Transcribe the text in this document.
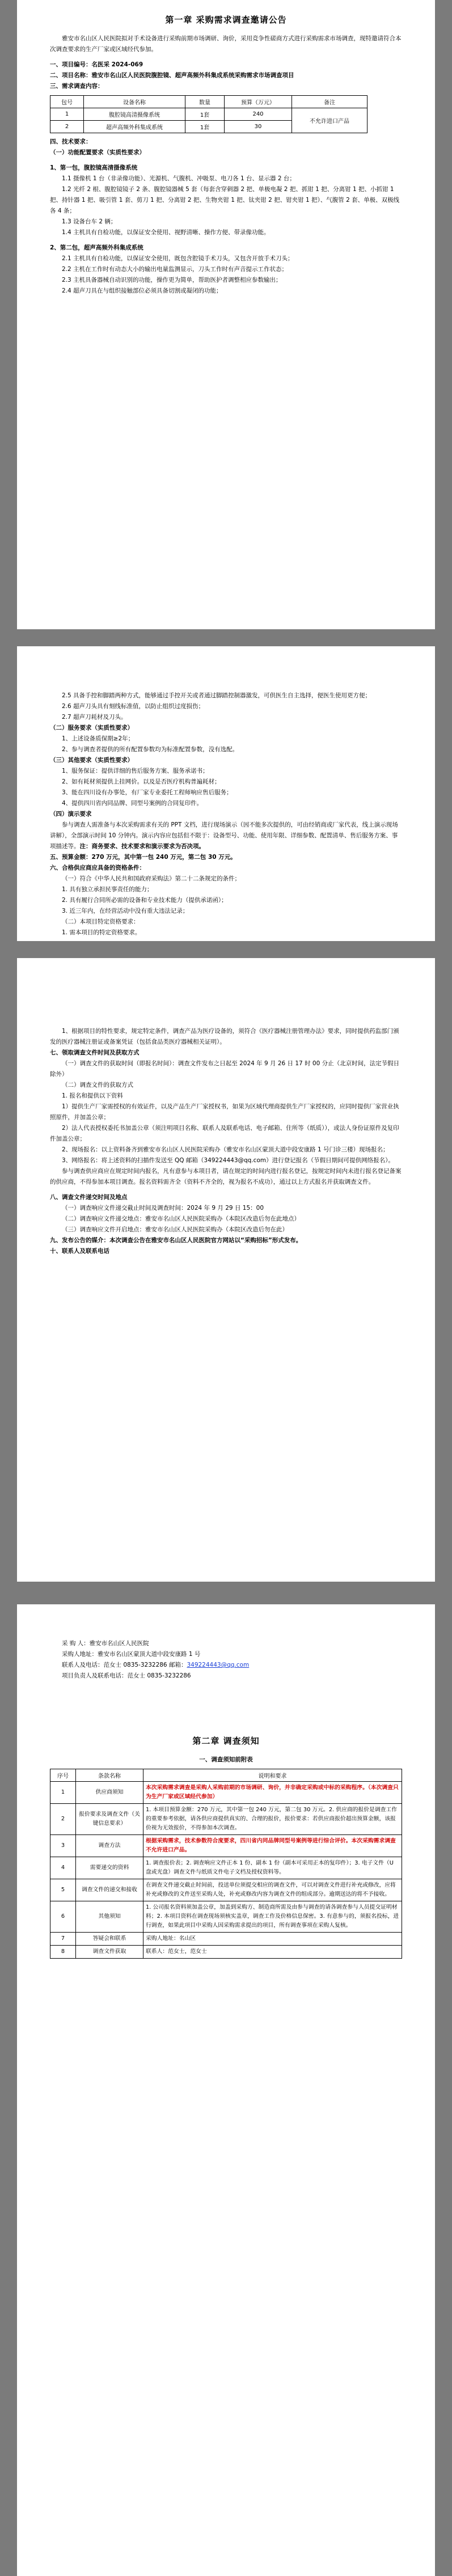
第一章 采购需求调查邀请公告

雅安市名山区人民医院拟对手术设备进行采购前期市场调研、询价，采用竞争性磋商方式进行采购需求市场调查，现特邀请符合本次调查要求的生产厂家或区域经代参加。

一、项目编号：名医采 2024-069

二、项目名称：雅安市名山区人民医院腹腔镜、超声高频外科集成系统采购需求市场调查项目

三、需求调查内容：

包号	设备名称	数量	预算（万元）	备注
1	腹腔镜高清摄像系统	1套	240	不允许进口产品
2	超声高频外科集成系统	1套	30	

四、技术要求：

（一）功能配置要求（实质性要求）

1、第一包，腹腔镜高清摄像系统

1.1 摄像机 1 台（非录像功能）、光源机、气腹机、冲吸泵、电刀各 1 台、显示器 2 台；

1.2 光纤 2 根、腹腔镜镜子 2 条、腹腔镜器械 5 套（每套含穿刺器 2 把、单极电凝 2 把、抓钳 1 把、分离钳 1 把、小抓钳 1 把、持针器 1 把、吸引管 1 套、剪刀 1 把、分离钳 2 把、生物夹钳 1 把、钛夹钳 2 把、钳夹钳 1 把）、气腹管 2 套、单极、双极线各 4 条；

1.3 设备台车 2 辆；

1.4 主机具有自检功能，以保证安全使用、视野清晰、操作方便、带录像功能。

2、第二包，超声高频外科集成系统

2.1 主机具有自检功能，以保证安全使用，既包含腔镜手术刀头，又包含开放手术刀头；

2.2 主机在工作时有动态大小的输出电量监测显示，刀头工作时有声音提示工作状态；

2.3 主机具备器械自动识别的功能，操作更为简单，帮助医护者调整相应参数输出；

2.4 超声刀具在与组织接触部位必须具备切割或凝闭的功能；

2.5 具备手控和脚踏两种方式，能够通过手控开关或者通过脚踏控制器激发，可供医生自主选择，便医生使用更方便；

2.6 超声刀头具有刻线标准值，以防止组织过度损伤；

2.7 超声刀耗材及刀头。

（二）服务要求（实质性要求）

1、上述设备质保期≥2年；

2、参与调查者提供的所有配置参数均为标准配置参数，没有选配。

（三）其他要求（实质性要求）

1、服务保证：提供详细的售后服务方案、服务承诺书；

2、如有耗材须提供上挂网价。以及是否医疗机构普遍耗材；

3、能在四川设有办事处，有厂家专业委托工程师响应售后服务；

4、提供四川省内同品牌、同型号案例的合同复印件。

（四）演示要求

参与调查人需准备与本次采购需求有关的 PPT 文档，进行现场演示（因不能多次提供的，可由经销商或厂家代表，线上演示现场讲解），全部演示时间 10 分钟内。演示内容应包括但不限于：设备型号、功能、使用年限、详细参数、配置清单、售后服务方案、事项描述等。注：商务要求、技术要求和演示要求为否决项。

五、预算金额：270 万元，其中第一包 240 万元，第二包 30 万元。

六、合格供应商应具备的资格条件：

（一）符合《中华人民共和国政府采购法》第二十二条规定的条件；

1. 具有独立承担民事责任的能力；

2. 具有履行合同所必需的设备和专业技术能力（提供承诺函）；

3. 近三年内，在经营活动中没有重大违法记录；

（二）本项目特定资格要求：

1. 需本项目的特定资格要求。

1、根据项目的特性要求，规定特定条件，调查产品为医疗设备的，须符合《医疗器械注册管理办法》要求，同时提供药监部门颁发的医疗器械注册证或备案凭证（包括食品类医疗器械相关证明）。

七、领取调查文件时间及获取方式

（一）调查文件的获取时间（即报名时间）：调查文件发布之日起至 2024 年 9 月 26 日 17 时 00 分止（北京时间，法定节假日除外）

（二）调查文件的获取方式

1. 报名和提供以下资料

1）提供生产厂家需授权的有效证件，以及产品生产厂家授权书，如果为区域代理商提供生产厂家授权的，应同时提供厂家营业执照原件，并加盖公章；

2）法人代表授权委托书加盖公章（须注明项目名称、联系人及联系电话、电子邮箱、住所等（纸质）），或法人身份证原件及复印件加盖公章；

2、现场报名：以上资料备齐到雅安市名山区人民医院采购办（雅安市名山区蒙顶大道中段安康路 1 号门诊三楼）现场报名；

3、网络报名：将上述资料的扫描件发送至 QQ 邮箱（349224443@qq.com）进行登记报名（节假日期间可提供网络报名）。

参与调查供应商应在规定时间内报名，凡有意参与本项目者，请在规定的时间内进行报名登记，按规定时间内未进行报名登记备案的供应商，不得参加本项目调查。报名资料需齐全（资料不齐全的，视为报名不成功），通过以上方式报名并获取调查文件。

八、调查文件递交时间及地点

（一）调查响应文件递交截止时间及调查时间：2024 年 9 月 29 日 15：00

（二）调查响应文件递交地点：雅安市名山区人民医院采购办（本院区改造后勿在此地点）

（三）调查响应文件开启地点：雅安市名山区人民医院采购办（本院区改造后勿在此）

九、发布公告的媒介：本次调查公告在雅安市名山区人民医院官方网站以“采购招标”形式发布。

十、联系人及联系电话

采 购 人：雅安市名山区人民医院

采购人地址：雅安市名山区蒙顶大道中段安康路 1 号

联系人及电话：范女士 0835-3232286 邮箱：349224443@qq.com

项目负责人及联系电话：范女士 0835-3232286

第二章 调查须知

一、调查须知前附表

序号	条款名称	说明和要求
1	供应商须知	本次采购需求调查是采购人采购前期的市场调研、询价，并非确定采购或中标的采购程序。（本次调查只为生产厂家或区域经代参加）
2	报价要求及调查文件（关键信息要求）	1. 本项目预算金额：270 万元，其中第一包 240 万元，第二包 30 万元。2. 供应商的报价是调查工作的重要参考依据，请各供应商提供真实的、合理的报价，报价要求：若供应商报价超出预算金额，该报价视为无效报价，不得参加本次调查。
3	调查方法	根据采购需求，技术参数符合度要求，四川省内同品牌同型号案例等进行综合评价。本次采购需求调查不允许进口产品。
4	需要递交的资料	1. 调查报价表；2. 调查响应文件正本 1 份、副本 1 份（副本可采用正本的复印件）；3. 电子文件（U 盘或光盘）调查文件与纸质文件电子文档及授权资料等。
5	调查文件的递交和接收	在调查文件递交截止时间前，投送单位须提交相应的调查文件，可以对调查文件进行补充或修改，应将补充或修改的文件送至采购人处，补充或修改内容为调查文件的组成部分。逾期送达的将不予接收。
6	其他须知	1. 公司报名资料须加盖公章，加盖到采购方、制造商所需及由参与调查的请各调查参与人员提交证明材料；2. 本项目资料在调查现场须核实盖章，调查工作及价格信息保密。3. 有意参与的，须报名投标，进行调查，如果此项目中采购人因采购需求提出的项目，所有调查事项在采购人复核。
7	答疑会和联系	采购人地址：名山区
8	调查文件获取	联系人：范女士，范女士
